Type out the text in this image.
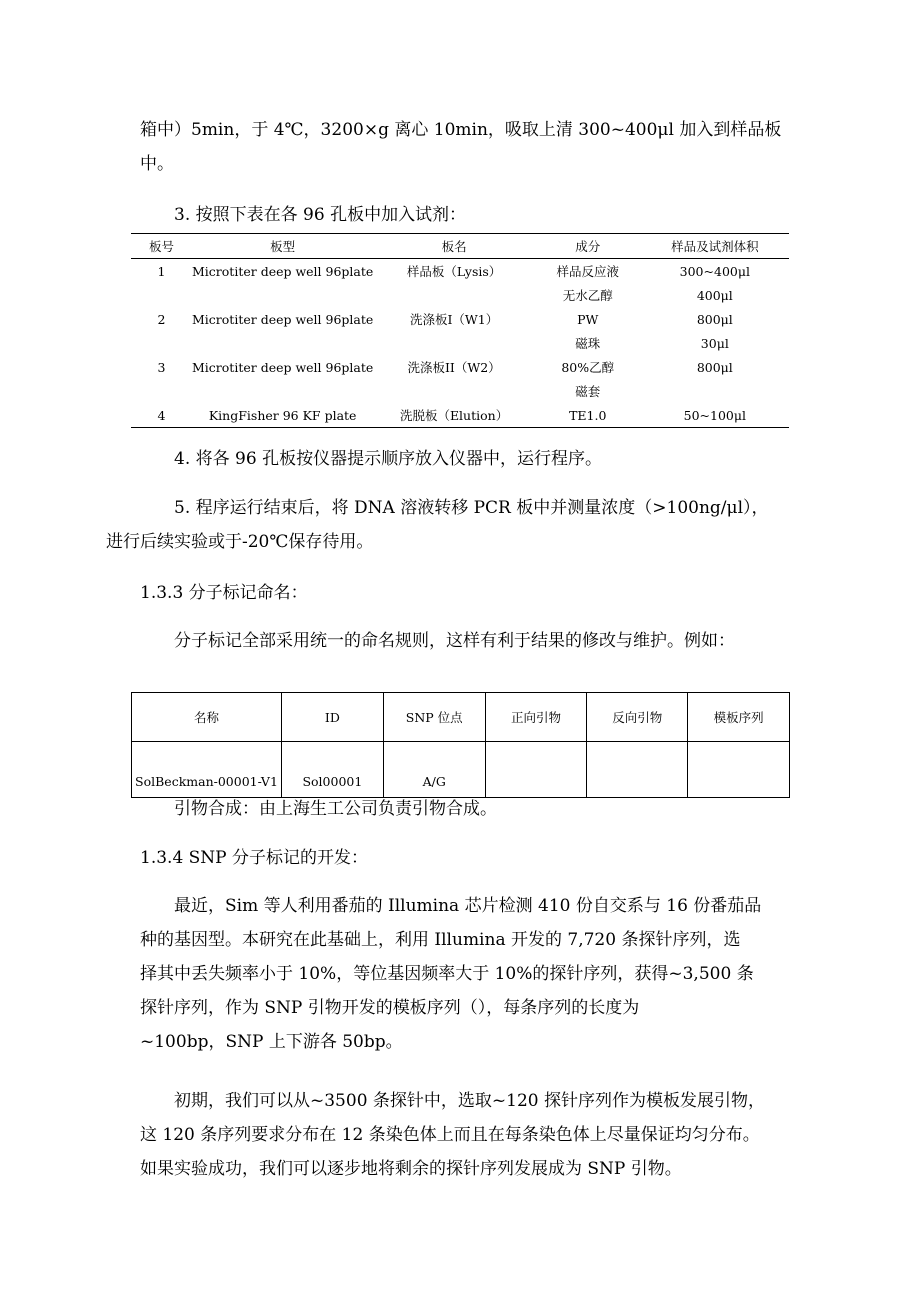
箱中）5min，于 4℃，3200×g 离心 10min，吸取上清 300~400μl 加入到样品板
中。

3. 按照下表在各 96 孔板中加入试剂：

板号	板型	板名	成分	样品及试剂体积
1	Microtiter deep well 96plate	样品板（Lysis）	样品反应液	300~400μl
			无水乙醇	400μl
2	Microtiter deep well 96plate	洗涤板I（W1）	PW	800μl
			磁珠	30μl
3	Microtiter deep well 96plate	洗涤板II（W2）	80%乙醇	800μl
			磁套	
4	KingFisher 96 KF plate	洗脱板（Elution）	TE1.0	50~100μl

4. 将各 96 孔板按仪器提示顺序放入仪器中，运行程序。

5. 程序运行结束后，将 DNA 溶液转移 PCR 板中并测量浓度（>100ng/μl），
进行后续实验或于-20℃保存待用。

1.3.3 分子标记命名：

分子标记全部采用统一的命名规则，这样有利于结果的修改与维护。例如：

名称	ID	SNP 位点	正向引物	反向引物	模板序列
SolBeckman-00001-V1	Sol00001	A/G			

引物合成：由上海生工公司负责引物合成。

1.3.4 SNP 分子标记的开发：

最近，Sim 等人利用番茄的 Illumina 芯片检测 410 份自交系与 16 份番茄品
种的基因型。本研究在此基础上，利用 Illumina 开发的 7,720 条探针序列，选
择其中丢失频率小于 10%，等位基因频率大于 10%的探针序列，获得~3,500 条
探针序列，作为 SNP 引物开发的模板序列（），每条序列的长度为
~100bp，SNP 上下游各 50bp。

初期，我们可以从~3500 条探针中，选取~120 探针序列作为模板发展引物，
这 120 条序列要求分布在 12 条染色体上而且在每条染色体上尽量保证均匀分布。
如果实验成功，我们可以逐步地将剩余的探针序列发展成为 SNP 引物。
